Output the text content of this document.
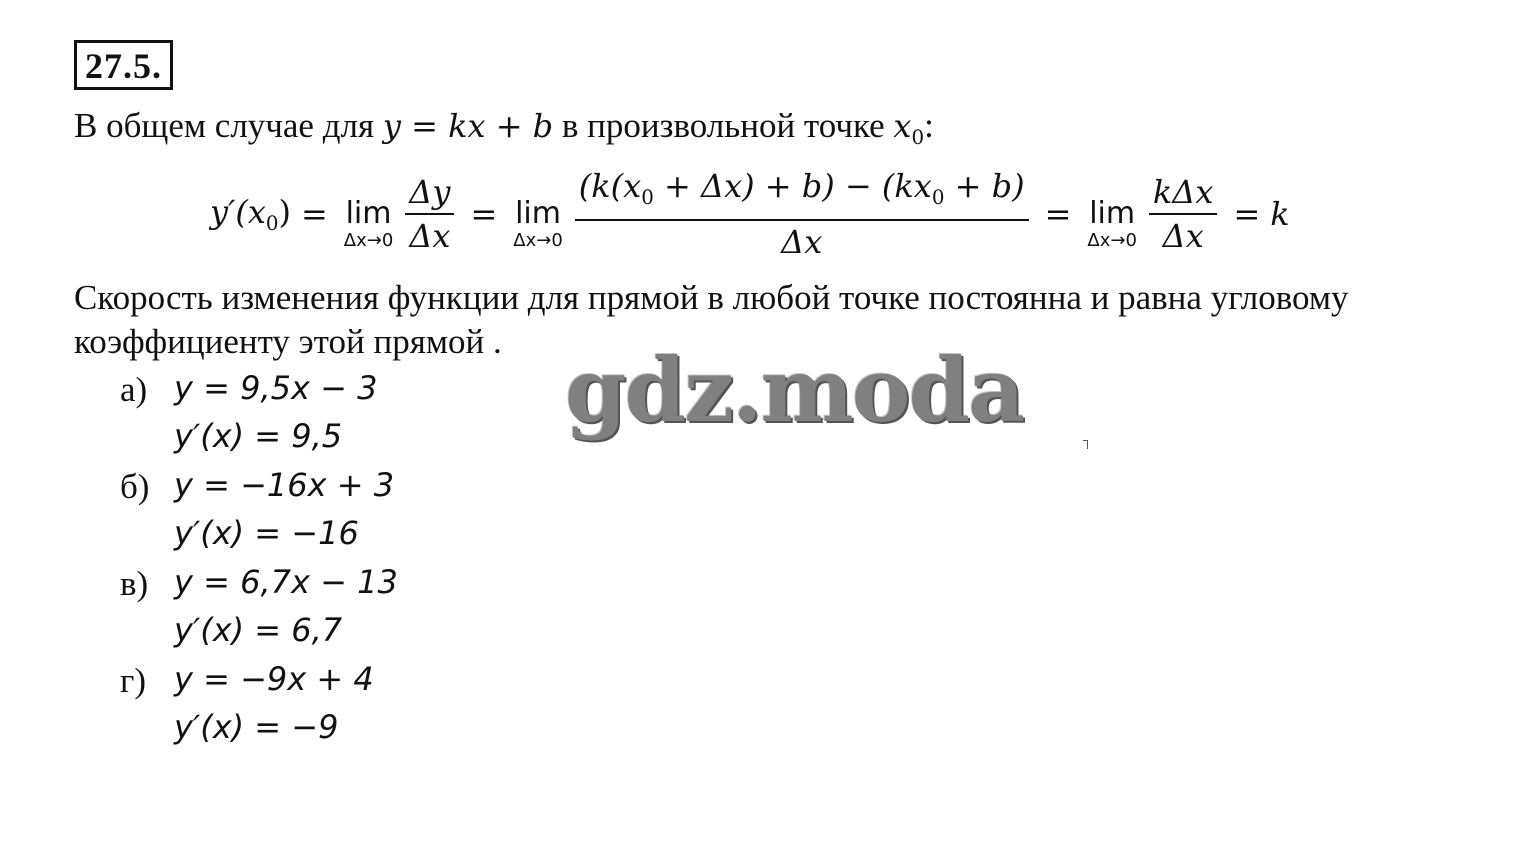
27.5.
В общем случае для y = kx + b в произвольной точке $x_0$:
$y'(x_0) = \lim$
$\Delta x\to 0 \frac{\Delta y}{\Delta x} = \lim$
$\Delta x\to 0 \frac{(k(x_0 + \Delta x) + b) - (kx_0 + b)}{\Delta x} = \lim$
$\Delta x\to 0 \frac{\text{kΔx}}{\Delta x} = k$
Скорость изменения функции для прямой в любой точке постоянна и равна угловому
коэффициенту этой прямой .
а) y = 9,5x − 3
y′(x) = 9,5
б) y = −16x + 3
y′(x) = −16
в) y = 6,7x − 13
y′(x) = 6,7
г) y = −9x + 4
y′(x) = −9
gdz.moda
